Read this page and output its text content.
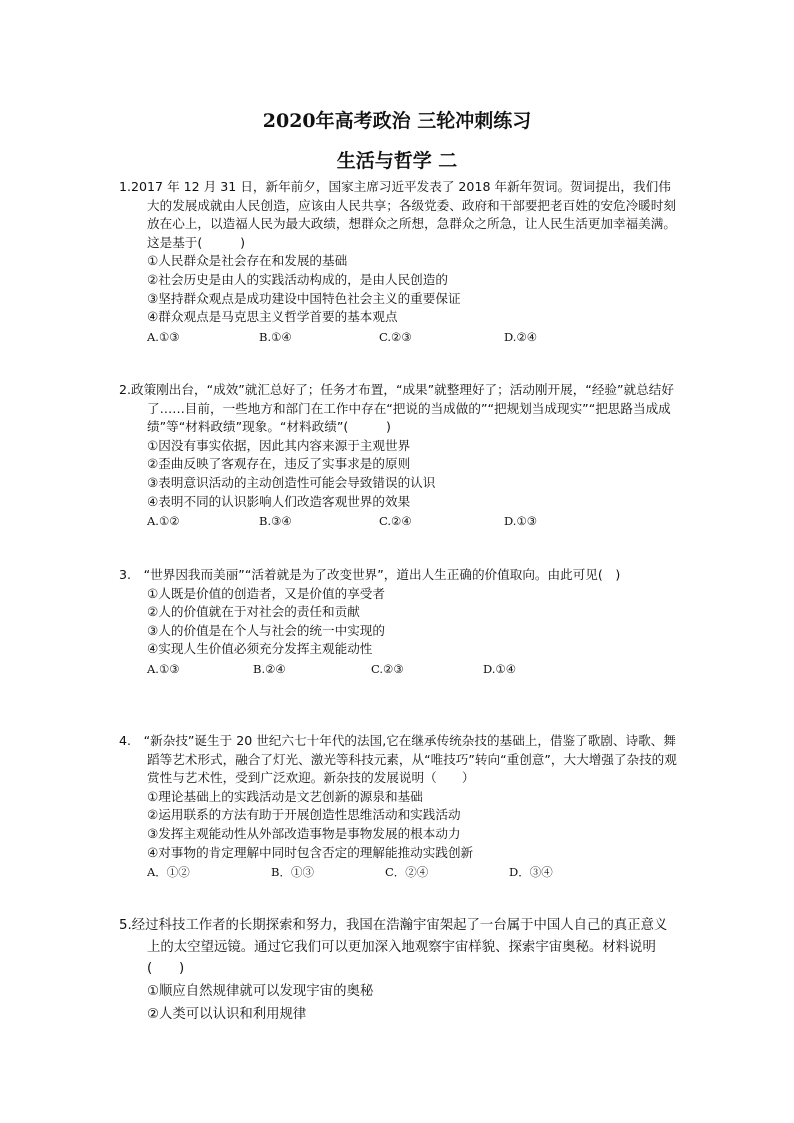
2020年高考政治 三轮冲刺练习
生活与哲学 二
1.2017 年 12 月 31 日，新年前夕，国家主席习近平发表了 2018 年新年贺词。贺词提出，我们伟大的发展成就由人民创造，应该由人民共享；各级党委、政府和干部要把老百姓的安危冷暖时刻放在心上，以造福人民为最大政绩，想群众之所想，急群众之所急，让人民生活更加幸福美满。这是基于(　　　)
①人民群众是社会存在和发展的基础
②社会历史是由人的实践活动构成的，是由人民创造的
③坚持群众观点是成功建设中国特色社会主义的重要保证
④群众观点是马克思主义哲学首要的基本观点
A.①③	B.①④	C.②③	D.②④
2.政策刚出台，“成效”就汇总好了；任务才布置，“成果”就整理好了；活动刚开展，“经验”就总结好了……目前，一些地方和部门在工作中存在“把说的当成做的”“把规划当成现实”“把思路当成成绩”等“材料政绩”现象。“材料政绩”(　　　)
①因没有事实依据，因此其内容来源于主观世界
②歪曲反映了客观存在，违反了实事求是的原则
③表明意识活动的主动创造性可能会导致错误的认识
④表明不同的认识影响人们改造客观世界的效果
A.①②	B.③④	C.②④	D.①③
3.　“世界因我而美丽”“活着就是为了改变世界”，道出人生正确的价值取向。由此可见(　)
①人既是价值的创造者，又是价值的享受者
②人的价值就在于对社会的责任和贡献
③人的价值是在个人与社会的统一中实现的
④实现人生价值必须充分发挥主观能动性
A.①③	B.②④	C.②③	D.①④
4.　“新杂技”诞生于 20 世纪六七十年代的法国,它在继承传统杂技的基础上，借鉴了歌剧、诗歌、舞蹈等艺术形式，融合了灯光、激光等科技元素，从“唯技巧”转向“重创意”，大大增强了杂技的观赏性与艺术性，受到广泛欢迎。新杂技的发展说明（　　）
①理论基础上的实践活动是文艺创新的源泉和基础
②运用联系的方法有助于开展创造性思维活动和实践活动
③发挥主观能动性从外部改造事物是事物发展的根本动力
④对事物的肯定理解中同时包含否定的理解能推动实践创新
A．①②	B．①③	C．②④	D．③④
5.经过科技工作者的长期探索和努力，我国在浩瀚宇宙架起了一台属于中国人自己的真正意义上的太空望远镜。通过它我们可以更加深入地观察宇宙样貌、探索宇宙奥秘。材料说明(　　)
①顺应自然规律就可以发现宇宙的奥秘
②人类可以认识和利用规律
